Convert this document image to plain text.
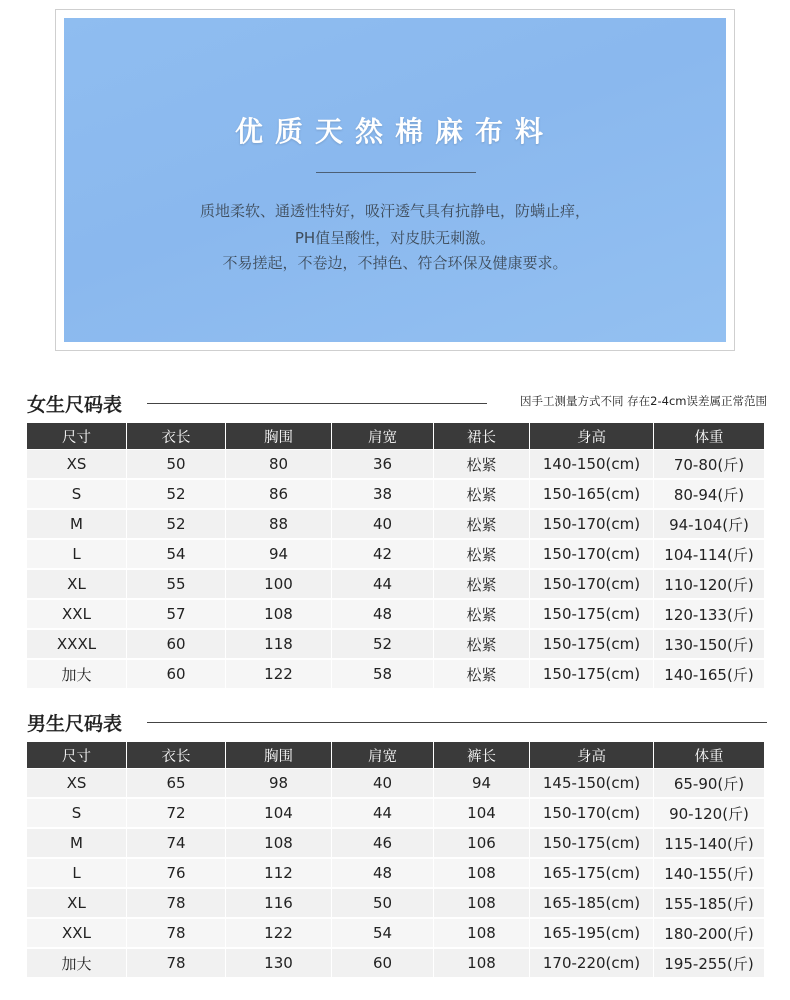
优质天然棉麻布料
质地柔软、通透性特好，吸汗透气具有抗静电，防螨止痒，
PH值呈酸性，对皮肤无刺激。
不易搓起，不卷边，不掉色、符合环保及健康要求。
女生尺码表	因手工测量方式不同 存在2-4cm误差属正常范围
尺寸	衣长	胸围	肩宽	裙长	身高	体重
XS	50	80	36	松紧	140-150(cm)	70-80(斤)
S	52	86	38	松紧	150-165(cm)	80-94(斤)
M	52	88	40	松紧	150-170(cm)	94-104(斤)
L	54	94	42	松紧	150-170(cm)	104-114(斤)
XL	55	100	44	松紧	150-170(cm)	110-120(斤)
XXL	57	108	48	松紧	150-175(cm)	120-133(斤)
XXXL	60	118	52	松紧	150-175(cm)	130-150(斤)
加大	60	122	58	松紧	150-175(cm)	140-165(斤)
男生尺码表
尺寸	衣长	胸围	肩宽	裤长	身高	体重
XS	65	98	40	94	145-150(cm)	65-90(斤)
S	72	104	44	104	150-170(cm)	90-120(斤)
M	74	108	46	106	150-175(cm)	115-140(斤)
L	76	112	48	108	165-175(cm)	140-155(斤)
XL	78	116	50	108	165-185(cm)	155-185(斤)
XXL	78	122	54	108	165-195(cm)	180-200(斤)
加大	78	130	60	108	170-220(cm)	195-255(斤)
